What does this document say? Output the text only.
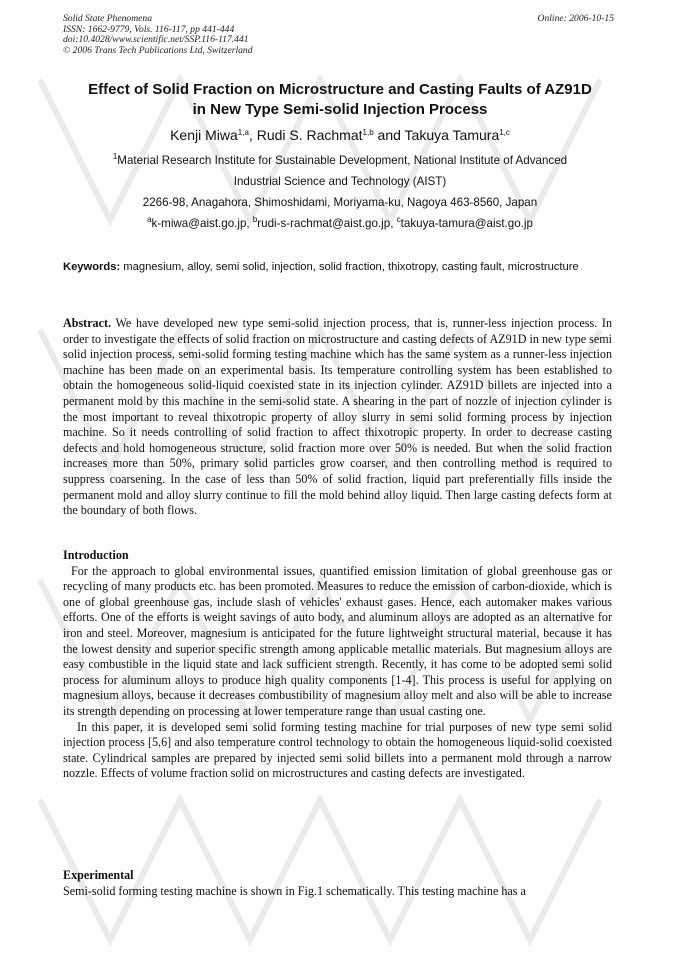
Solid State Phenomena
ISSN: 1662-9779, Vols. 116-117, pp 441-444
doi:10.4028/www.scientific.net/SSP.116-117.441
© 2006 Trans Tech Publications Ltd, Switzerland
Online: 2006-10-15
Effect of Solid Fraction on Microstructure and Casting Faults of AZ91D
in New Type Semi-solid Injection Process
Kenji Miwa$^{1,a}$, Rudi S. Rachmat$^{1,b}$ and Takuya Tamura$^{1,c}$
$^1$Material Research Institute for Sustainable Development, National Institute of Advanced
Industrial Science and Technology (AIST)
2266-98, Anagahora, Shimoshidami, Moriyama-ku, Nagoya 463-8560, Japan
$^a$k-miwa@aist.go.jp, $^b$rudi-s-rachmat@aist.go.jp, $^c$takuya-tamura@aist.go.jp
Keywords: magnesium, alloy, semi solid, injection, solid fraction, thixotropy, casting fault, microstructure

Abstract. We have developed new type semi-solid injection process, that is, runner-less injection process. In order to investigate the effects of solid fraction on microstructure and casting defects of AZ91D in new type semi solid injection process, semi-solid forming testing machine which has the same system as a runner-less injection machine has been made on an experimental basis. Its temperature controlling system has been established to obtain the homogeneous solid-liquid coexisted state in its injection cylinder. AZ91D billets are injected into a permanent mold by this machine in the semi-solid state. A shearing in the part of nozzle of injection cylinder is the most important to reveal thixotropic property of alloy slurry in semi solid forming process by injection machine. So it needs controlling of solid fraction to affect thixotropic property. In order to decrease casting defects and hold homogeneous structure, solid fraction more over 50% is needed. But when the solid fraction increases more than 50%, primary solid particles grow coarser, and then controlling method is required to suppress coarsening. In the case of less than 50% of solid fraction, liquid part preferentially fills inside the permanent mold and alloy slurry continue to fill the mold behind alloy liquid. Then large casting defects form at the boundary of both flows.

Introduction

For the approach to global environmental issues, quantified emission limitation of global greenhouse gas or recycling of many products etc. has been promoted. Measures to reduce the emission of carbon-dioxide, which is one of global greenhouse gas, include slash of vehicles' exhaust gases. Hence, each automaker makes various efforts. One of the efforts is weight savings of auto body, and aluminum alloys are adopted as an alternative for iron and steel. Moreover, magnesium is anticipated for the future lightweight structural material, because it has the lowest density and superior specific strength among applicable metallic materials. But magnesium alloys are easy combustible in the liquid state and lack sufficient strength. Recently, it has come to be adopted semi solid process for aluminum alloys to produce high quality components [1-4]. This process is useful for applying on magnesium alloys, because it decreases combustibility of magnesium alloy melt and also will be able to increase its strength depending on processing at lower temperature range than usual casting one.

In this paper, it is developed semi solid forming testing machine for trial purposes of new type semi solid injection process [5,6] and also temperature control technology to obtain the homogeneous liquid-solid coexisted state. Cylindrical samples are prepared by injected semi solid billets into a permanent mold through a narrow nozzle. Effects of volume fraction solid on microstructures and casting defects are investigated.

Experimental

Semi-solid forming testing machine is shown in Fig.1 schematically. This testing machine has a
